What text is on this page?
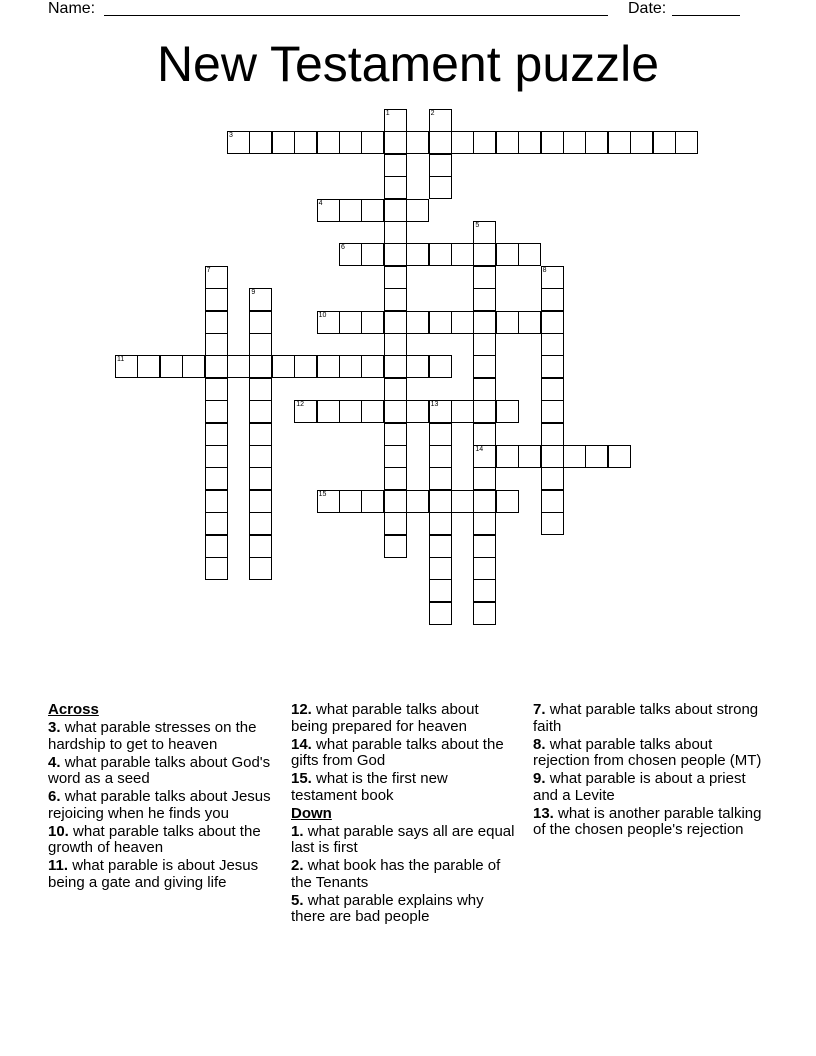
Name:	Date:
New Testament puzzle
1	2
3
4
5
14
6
7	8
9
10
11
12	13
15
Across
3. what parable stresses on the hardship to get to heaven
4. what parable talks about God's word as a seed
6. what parable talks about Jesus rejoicing when he finds you
10. what parable talks about the growth of heaven
11. what parable is about Jesus being a gate and giving life
12. what parable talks about being prepared for heaven
14. what parable talks about the gifts from God
15. what is the first new testament book
Down
1. what parable says all are equal last is first
2. what book has the parable of the Tenants
5. what parable explains why there are bad people
7. what parable talks about strong faith
8. what parable talks about rejection from chosen people (MT)
9. what parable is about a priest and a Levite
13. what is another parable talking of the chosen people's rejection
